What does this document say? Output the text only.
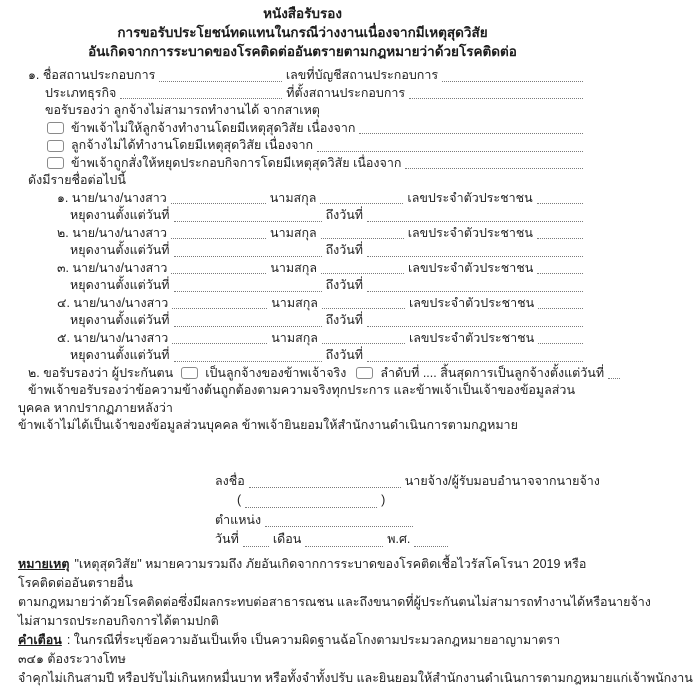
หนังสือรับรอง
การขอรับประโยชน์ทดแทนในกรณีว่างงานเนื่องจากมีเหตุสุดวิสัย
อันเกิดจากการระบาดของโรคติดต่ออันตรายตามกฎหมายว่าด้วยโรคติดต่อ
๑.
ชื่อสถานประกอบการ	เลขที่บัญชีสถานประกอบการ
ประเภทธุรกิจ	ที่ตั้งสถานประกอบการ
ขอรับรองว่า ลูกจ้างไม่สามารถทำงานได้ จากสาเหตุ
ข้าพเจ้าไม่ให้ลูกจ้างทำงานโดยมีเหตุสุดวิสัย เนื่องจาก
ลูกจ้างไม่ได้ทำงานโดยมีเหตุสุดวิสัย เนื่องจาก
ข้าพเจ้าถูกสั่งให้หยุดประกอบกิจการโดยมีเหตุสุดวิสัย เนื่องจาก
ดังมีรายชื่อต่อไปนี้
๑.
นาย/นาง/นางสาว	นามสกุล	เลขประจำตัวประชาชน
หยุดงานตั้งแต่วันที่	ถึงวันที่
๒.
นาย/นาง/นางสาว	นามสกุล	เลขประจำตัวประชาชน
หยุดงานตั้งแต่วันที่	ถึงวันที่
๓.
นาย/นาง/นางสาว	นามสกุล	เลขประจำตัวประชาชน
หยุดงานตั้งแต่วันที่	ถึงวันที่
๔.
นาย/นาง/นางสาว	นามสกุล	เลขประจำตัวประชาชน
หยุดงานตั้งแต่วันที่	ถึงวันที่
๕.
นาย/นาง/นางสาว	นามสกุล	เลขประจำตัวประชาชน
หยุดงานตั้งแต่วันที่	ถึงวันที่
๒.
ขอรับรองว่า ผู้ประกันตน	เป็นลูกจ้างของข้าพเจ้าจริง	ลำดับที่
....
สิ้นสุดการเป็นลูกจ้างตั้งแต่วันที่
ข้าพเจ้าขอรับรองว่าข้อความข้างต้นถูกต้องตามความจริงทุกประการ และข้าพเจ้าเป็นเจ้าของข้อมูลส่วนบุคคล หากปรากฏภายหลังว่า
ข้าพเจ้าไม่ได้เป็นเจ้าของข้อมูลส่วนบุคคล ข้าพเจ้ายินยอมให้สำนักงานดำเนินการตามกฎหมาย
ลงชื่อ	นายจ้าง/ผู้รับมอบอำนาจจากนายจ้าง
(	)
ตำแหน่ง
วันที่	เดือน	พ.ศ.
หมายเหตุ "เหตุสุดวิสัย" หมายความรวมถึง ภัยอันเกิดจากการระบาดของโรคติดเชื้อไวรัสโคโรนา 2019 หรือโรคติดต่ออันตรายอื่น
ตามกฎหมายว่าด้วยโรคติดต่อซึ่งมีผลกระทบต่อสาธารณชน และถึงขนาดที่ผู้ประกันตนไม่สามารถทำงานได้หรือนายจ้าง
ไม่สามารถประกอบกิจการได้ตามปกติ
คำเตือน : ในกรณีที่ระบุข้อความอันเป็นเท็จ เป็นความผิดฐานฉ้อโกงตามประมวลกฎหมายอาญามาตรา ๓๔๑ ต้องระวางโทษ
จำคุกไม่เกินสามปี หรือปรับไม่เกินหกหมื่นบาท หรือทั้งจำทั้งปรับ และยินยอมให้สำนักงานดำเนินการตามกฎหมายแก่เจ้าพนักงาน
